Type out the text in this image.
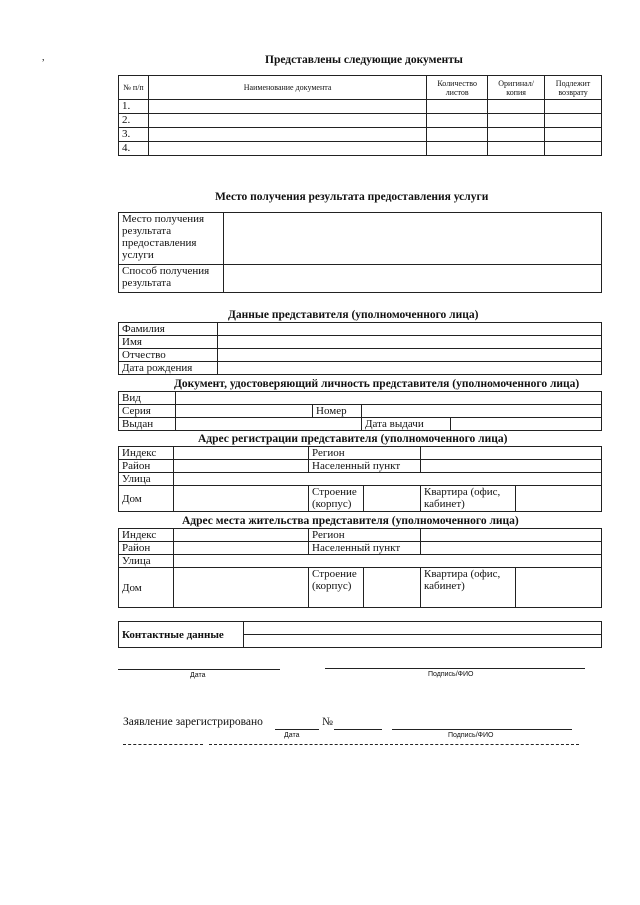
,	Представлены следующие документы
№ п/п	Наименование документа	Количество листов	Оригинал/ копия	Подлежит возврату
1.				
2.				
3.				
4.				
Место получения результата предоставления услуги
Место получения результата предоставления услуги	
Способ получения результата	
Данные представителя (уполномоченного лица)
Фамилия	
Имя	
Отчество	
Дата рождения	
Документ, удостоверяющий личность представителя (уполномоченного лица)
Вид				
Серия		Номер		
Выдан			Дата выдачи	
Адрес регистрации представителя (уполномоченного лица)
Индекс		Регион			
Район		Населенный пункт			
Улица					
Дом		Строение (корпус)		Квартира (офис, кабинет)	
Адрес места жительства представителя (уполномоченного лица)
Индекс		Регион			
Район		Населенный пункт			
Улица					
Дом		Строение (корпус)		Квартира (офис, кабинет)	
Контактные данные	
Дата	Подпись/ФИО
Заявление зарегистрировано	№
Дата	Подпись/ФИО
